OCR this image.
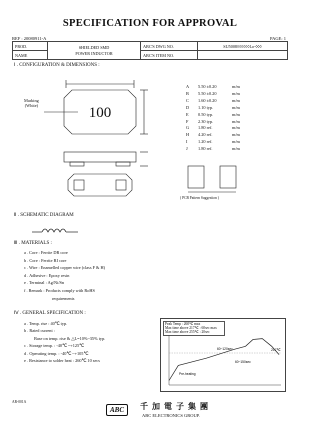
SPECIFICATION FOR APPROVAL
REF : 20080911-A	PAGE: 1
PROD.	SHIELDED SMD
POWER INDUCTOR	ABC'S DWG NO.	SU5008◊◊◊◊◊◊Lo-◊◊◊
NAME		ABC'S ITEM NO.	
Ⅰ . CONFIGURATION & DIMENSIONS :
Marking
(White)	100
A 5.50 ±0.20	m/m
B 5.50 ±0.20	m/m
C 1.60 ±0.20	m/m
D 1.10 typ.	m/m
E 0.50 typ.	m/m
F 2.30 typ.	m/m
G 1.80 ref.	m/m
H 4.20 ref.	m/m
I 1.20 ref.	m/m
J 1.80 ref.	m/m
( PCB Pattern Suggestion )
Ⅱ . SCHEMATIC DIAGRAM
Ⅲ . MATERIALS :
a . Core : Ferrite DR core
b . Core : Ferrite RI core
c . Wire : Enamelled copper wire (class F & H)
d . Adhesive : Epoxy resin
e . Terminal : Ag/Ni/Sn
f . Remark : Products comply with RoHS
requirements
Ⅳ . GENERAL SPECIFICATION :
a . Temp. rise : 40℃ typ.
b . Rated current :
Base on temp. rise & △L=10%~35% typ.
c . Storage temp. : -40℃ ~+125℃
d . Operating temp. : -40℃ ~+105℃
e . Resistance to solder heat : 260℃ 10 secs
Peak Temp : 260℃ max
Max time above 217℃ : 60sec max
Max time above 255℃ : 20sec
217℃
60~120sec
60~150sec
Pre-heating
AR-001A
ABC	千 加 電 子 集 團
ABC ELECTRONICS GROUP.
